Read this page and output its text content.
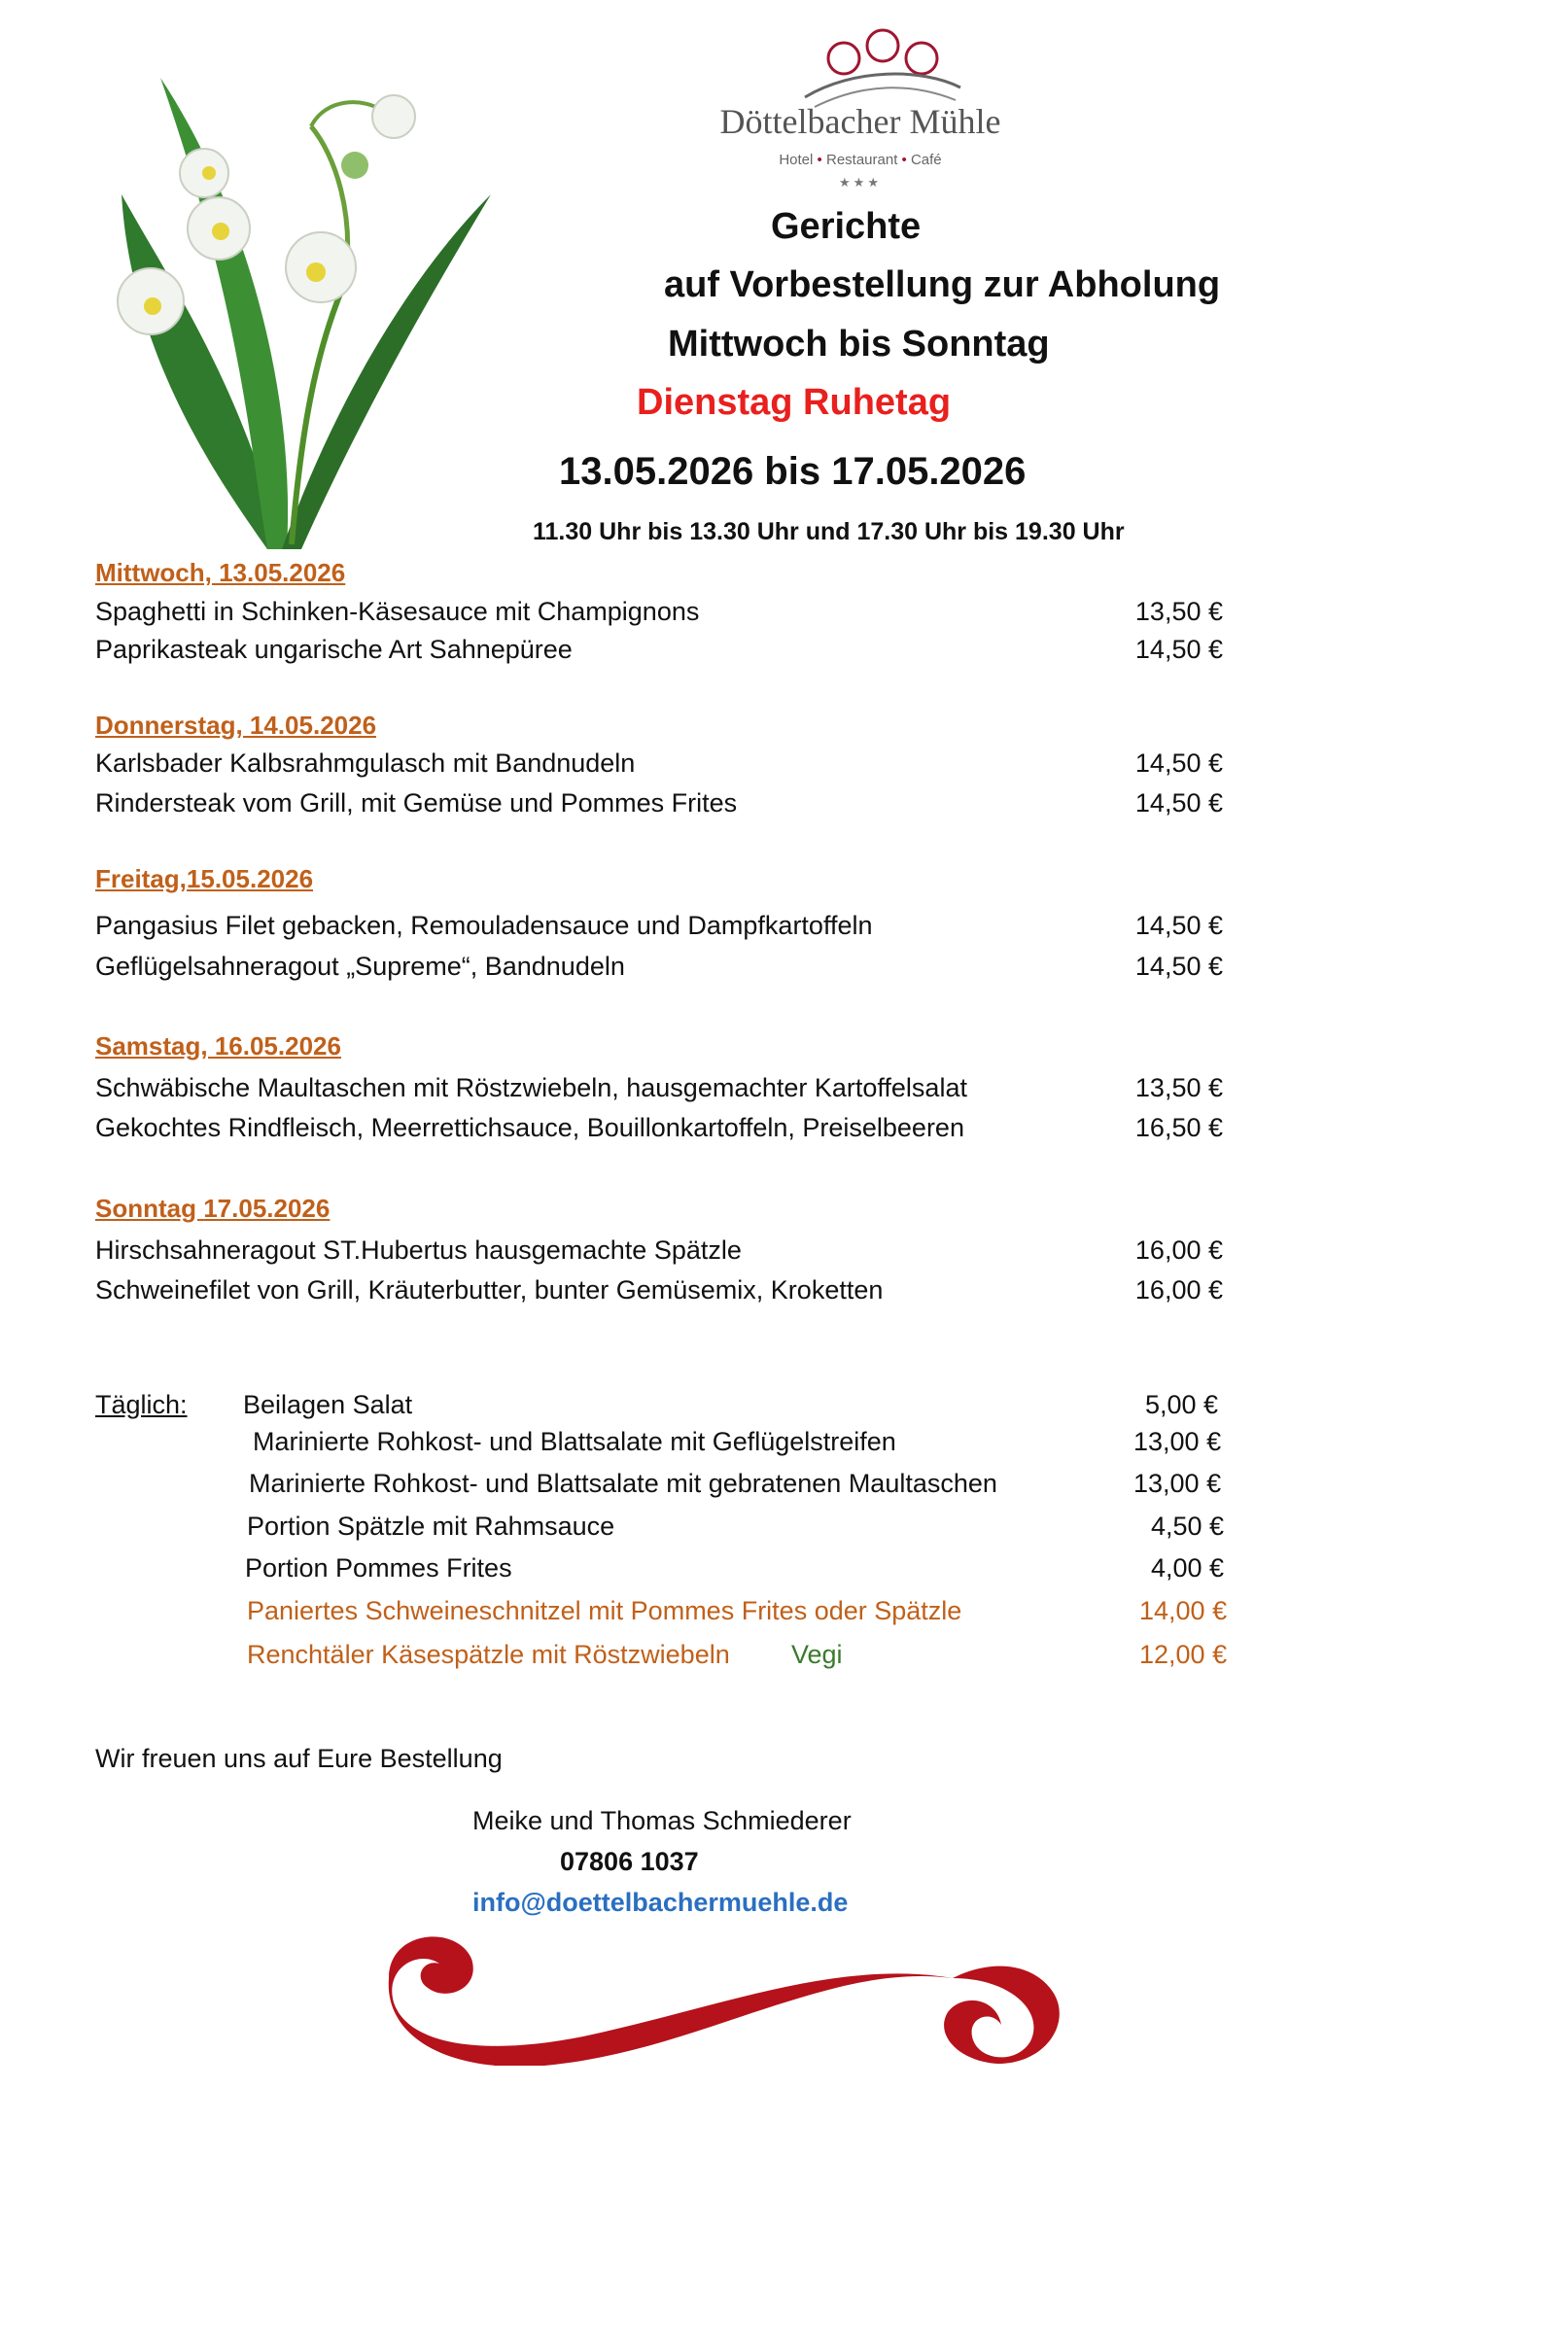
Döttelbacher Mühle
Hotel • Restaurant • Café
★★★
Gerichte
auf Vorbestellung zur Abholung
Mittwoch bis Sonntag
Dienstag Ruhetag
13.05.2026 bis 17.05.2026
11.30 Uhr bis 13.30 Uhr und 17.30 Uhr bis 19.30 Uhr
Mittwoch, 13.05.2026
Spaghetti in Schinken-Käsesauce mit Champignons	13,50 €
Paprikasteak ungarische Art Sahnepüree	14,50 €
Donnerstag, 14.05.2026
Karlsbader Kalbsrahmgulasch mit Bandnudeln	14,50 €
Rindersteak vom Grill, mit Gemüse und Pommes Frites	14,50 €
Freitag,15.05.2026
Pangasius Filet gebacken, Remouladensauce und Dampfkartoffeln	14,50 €
Geflügelsahneragout „Supreme“, Bandnudeln	14,50 €
Samstag, 16.05.2026
Schwäbische Maultaschen mit Röstzwiebeln, hausgemachter Kartoffelsalat	13,50 €
Gekochtes Rindfleisch, Meerrettichsauce, Bouillonkartoffeln, Preiselbeeren	16,50 €
Sonntag 17.05.2026
Hirschsahneragout ST.Hubertus hausgemachte Spätzle	16,00 €
Schweinefilet von Grill, Kräuterbutter, bunter Gemüsemix, Kroketten	16,00 €
Täglich: Beilagen Salat	5,00 €
Marinierte Rohkost- und Blattsalate mit Geflügelstreifen	13,00 €
Marinierte Rohkost- und Blattsalate mit gebratenen Maultaschen	13,00 €
Portion Spätzle mit Rahmsauce	4,50 €
Portion Pommes Frites	4,00 €
Paniertes Schweineschnitzel mit Pommes Frites oder Spätzle	14,00 €
Renchtäler Käsespätzle mit Röstzwiebeln Vegi	12,00 €
Wir freuen uns auf Eure Bestellung
Meike und Thomas Schmiederer
07806 1037
info@doettelbachermuehle.de
